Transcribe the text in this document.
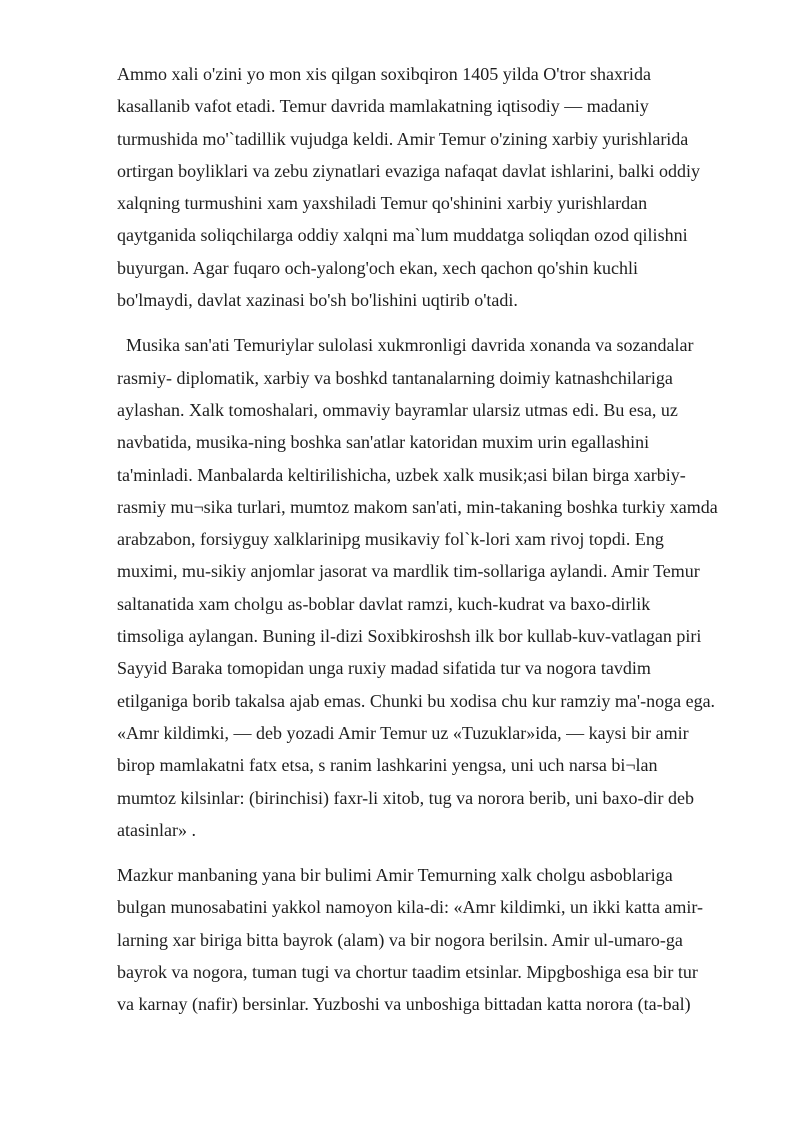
Ammo xali o'zini yo mon xis qilgan soxibqiron 1405 yilda O'tror shaxrida
kasallanib vafot etadi. Temur davrida mamlakatning iqtisodiy — madaniy
turmushida mo'`tadillik vujudga keldi. Amir Temur o'zining xarbiy yurishlarida
ortirgan boyliklari va zebu ziynatlari evaziga nafaqat davlat ishlarini, balki oddiy
xalqning turmushini xam yaxshiladi Temur qo'shinini xarbiy yurishlardan
qaytganida soliqchilarga oddiy xalqni ma`lum muddatga soliqdan ozod qilishni
buyurgan. Agar fuqaro och-yalong'och ekan, xech qachon qo'shin kuchli
bo'lmaydi, davlat xazinasi bo'sh bo'lishini uqtirib o'tadi.
Musika san'ati Temuriylar sulolasi xukmronligi davrida xonanda va sozandalar
rasmiy- diplomatik, xarbiy va boshkd tantanalarning doimiy katnashchilariga
aylashan. Xalk tomoshalari, ommaviy bayramlar ularsiz utmas edi. Bu esa, uz
navbatida, musika-ning boshka san'atlar katoridan muxim urin egallashini
ta'minladi. Manbalarda keltirilishicha, uzbek xalk musik;asi bilan birga xarbiy-
rasmiy mu¬sika turlari, mumtoz makom san'ati, min-takaning boshka turkiy xamda
arabzabon, forsiyguy xalklarinipg musikaviy fol`k-lori xam rivoj topdi. Eng
muximi, mu-sikiy anjomlar jasorat va mardlik tim-sollariga aylandi. Amir Temur
saltanatida xam cholgu as-boblar davlat ramzi, kuch-kudrat va baxo-dirlik
timsoliga aylangan. Buning il-dizi Soxibkiroshsh ilk bor kullab-kuv-vatlagan piri
Sayyid Baraka tomopidan unga ruxiy madad sifatida tur va nogora tavdim
etilganiga borib takalsa ajab emas. Chunki bu xodisa chu kur ramziy ma'-noga ega.
«Amr kildimki, — deb yozadi Amir Temur uz «Tuzuklar»ida, — kaysi bir amir
birop mamlakatni fatx etsa, s ranim lashkarini yengsa, uni uch narsa bi¬lan
mumtoz kilsinlar: (birinchisi) faxr-li xitob, tug va norora berib, uni baxo-dir deb
atasinlar» .
Mazkur manbaning yana bir bulimi Amir Temurning xalk cholgu asboblariga
bulgan munosabatini yakkol namoyon kila-di: «Amr kildimki, un ikki katta amir-
larning xar biriga bitta bayrok (alam) va bir nogora berilsin. Amir ul-umaro-ga
bayrok va nogora, tuman tugi va chortur taadim etsinlar. Mipgboshiga esa bir tur
va karnay (nafir) bersinlar. Yuzboshi va unboshiga bittadan katta norora (ta-bal)
